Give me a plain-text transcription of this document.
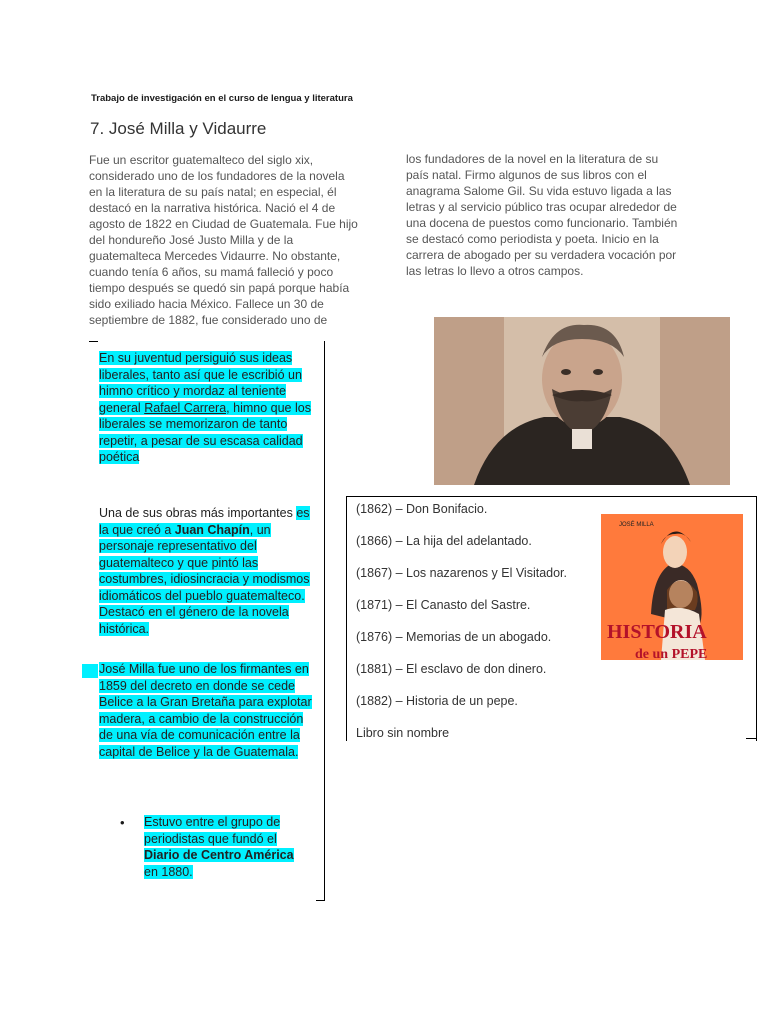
Trabajo de investigación en el curso de lengua y literatura
7. José Milla y Vidaurre
Fue un escritor guatemalteco del siglo xix, considerado uno de los fundadores de la novela en la literatura de su país natal; en especial, él destacó en la narrativa histórica. Nació el 4 de agosto de 1822 en Ciudad de Guatemala. Fue hijo del hondureño José Justo Milla y de la guatemalteca Mercedes Vidaurre. No obstante, cuando tenía 6 años, su mamá falleció y poco tiempo después se quedó sin papá porque había sido exiliado hacia México. Fallece un 30 de septiembre de 1882, fue considerado uno de
los fundadores de la novel en la literatura de su país natal. Firmo algunos de sus libros con el anagrama Salome Gil. Su vida estuvo ligada a las letras y al servicio público tras ocupar alrededor de una docena de puestos como funcionario. También se destacó como periodista y poeta. Inicio en la carrera de abogado per su verdadera vocación por las letras lo llevo a otros campos.
En su juventud persiguió sus ideas liberales, tanto así que le escribió un himno crítico y mordaz al teniente general Rafael Carrera, himno que los liberales se memorizaron de tanto repetir, a pesar de su escasa calidad poética
Una de sus obras más importantes es la que creó a Juan Chapín, un personaje representativo del guatemalteco y que pintó las costumbres, idiosincracia y modismos idiomáticos del pueblo guatemalteco. Destacó en el género de la novela histórica.
José Milla fue uno de los firmantes en 1859 del decreto en donde se cede Belice a la Gran Bretaña para explotar madera, a cambio de la construcción de una vía de comunicación entre la capital de Belice y la de Guatemala.
• Estuvo entre el grupo de periodistas que fundó el Diario de Centro América en 1880.
(1862) – Don Bonifacio.
(1866) – La hija del adelantado.
(1867) – Los nazarenos y El Visitador.
(1871) – El Canasto del Sastre.
(1876) – Memorias de un abogado.
(1881) – El esclavo de don dinero.
(1882) – Historia de un pepe.
Libro sin nombre
JOSÉ MILLA
HISTORIA
de un PEPE
